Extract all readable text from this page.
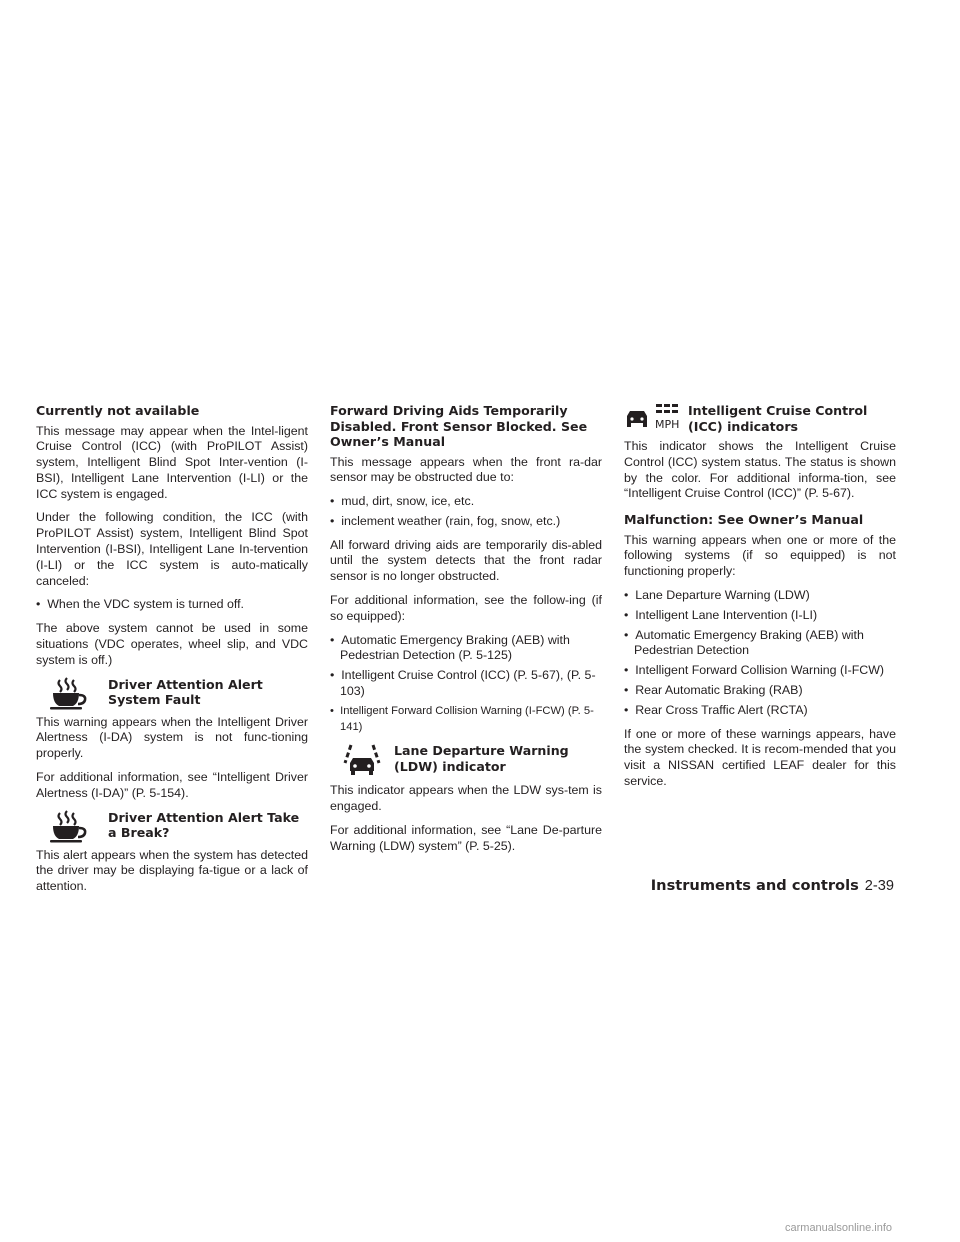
Currently not available

This message may appear when the Intel-ligent Cruise Control (ICC) (with ProPILOT Assist) system, Intelligent Blind Spot Inter-vention (I-BSI), Intelligent Lane Intervention (I-LI) or the ICC system is engaged.

Under the following condition, the ICC (with ProPILOT Assist) system, Intelligent Blind Spot Intervention (I-BSI), Intelligent Lane In-tervention (I-LI) or the ICC system is auto-matically canceled:

•  When the VDC system is turned off.

The above system cannot be used in some situations (VDC operates, wheel slip, and VDC system is off.)

Driver Attention Alert System Fault

This warning appears when the Intelligent Driver Alertness (I-DA) system is not func-tioning properly.

For additional information, see “Intelligent Driver Alertness (I-DA)” (P. 5-154).

Driver Attention Alert Take a Break?

This alert appears when the system has detected the driver may be displaying fa-tigue or a lack of attention.

Forward Driving Aids Temporarily Disabled. Front Sensor Blocked. See Owner’s Manual

This message appears when the front ra-dar sensor may be obstructed due to:

•  mud, dirt, snow, ice, etc.
•  inclement weather (rain, fog, snow, etc.)

All forward driving aids are temporarily dis-abled until the system detects that the front radar sensor is no longer obstructed.

For additional information, see the follow-ing (if so equipped):

•  Automatic Emergency Braking (AEB) with Pedestrian Detection (P. 5-125)
•  Intelligent Cruise Control (ICC) (P. 5-67), (P. 5-103)
•  Intelligent Forward Collision Warning (I-FCW) (P. 5-141)
Lane Departure Warning (LDW) indicator

This indicator appears when the LDW sys-tem is engaged.

For additional information, see “Lane De-parture Warning (LDW) system” (P. 5-25).

MPH
Intelligent Cruise Control (ICC) indicators

This indicator shows the Intelligent Cruise Control (ICC) system status. The status is shown by the color. For additional informa-tion, see “Intelligent Cruise Control (ICC)” (P. 5-67).

Malfunction: See Owner’s Manual

This warning appears when one or more of the following systems (if so equipped) is not functioning properly:

•  Lane Departure Warning (LDW)
•  Intelligent Lane Intervention (I-LI)
•  Automatic Emergency Braking (AEB) with Pedestrian Detection
•  Intelligent Forward Collision Warning (I-FCW)
•  Rear Automatic Braking (RAB)
•  Rear Cross Traffic Alert (RCTA)

If one or more of these warnings appears, have the system checked. It is recom-mended that you visit a NISSAN certified LEAF dealer for this service.

Instruments and controls 2-39
carmanualsonline.info
